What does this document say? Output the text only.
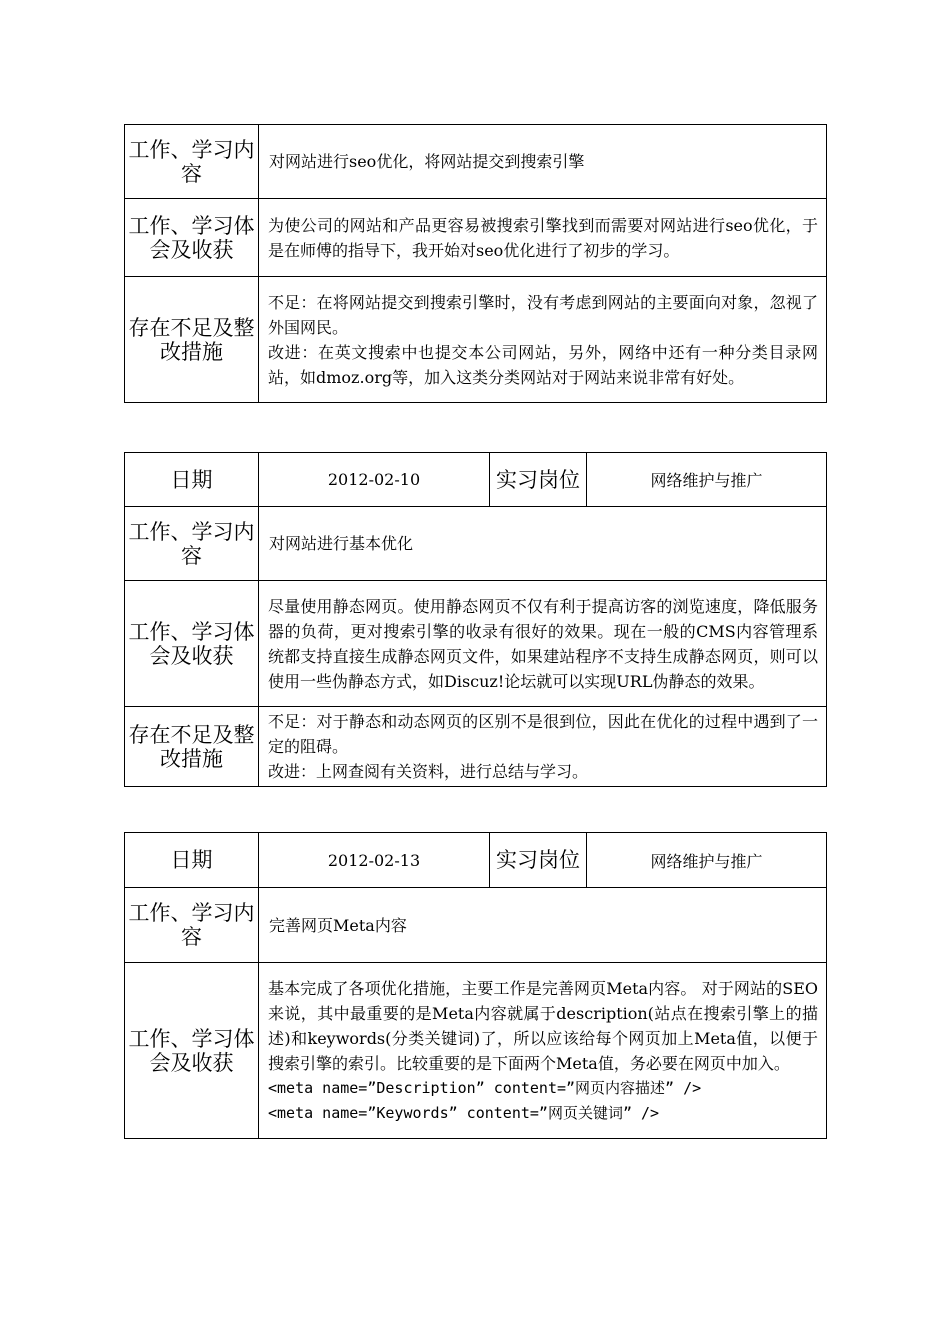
工作、学习内容	对网站进行seo优化，将网站提交到搜索引擎
工作、学习体会及收获	为使公司的网站和产品更容易被搜索引擎找到而需要对网站进行seo优化，于是在师傅的指导下，我开始对seo优化进行了初步的学习。
存在不足及整改措施	不足：在将网站提交到搜索引擎时，没有考虑到网站的主要面向对象，忽视了外国网民。
改进：在英文搜索中也提交本公司网站，另外，网络中还有一种分类目录网站，如dmoz.org等，加入这类分类网站对于网站来说非常有好处。
日期	2012-02-10	实习岗位	网络维护与推广
工作、学习内容	对网站进行基本优化		
工作、学习体会及收获	尽量使用静态网页。使用静态网页不仅有利于提高访客的浏览速度，降低服务器的负荷，更对搜索引擎的收录有很好的效果。现在一般的CMS内容管理系统都支持直接生成静态网页文件，如果建站程序不支持生成静态网页，则可以使用一些伪静态方式，如Discuz!论坛就可以实现URL伪静态的效果。		
存在不足及整改措施	不足：对于静态和动态网页的区别不是很到位，因此在优化的过程中遇到了一定的阻碍。
改进：上网查阅有关资料，进行总结与学习。		
日期	2012-02-13	实习岗位	网络维护与推广
工作、学习内容	完善网页Meta内容		
工作、学习体会及收获	基本完成了各项优化措施，主要工作是完善网页Meta内容。 对于网站的SEO来说，其中最重要的是Meta内容就属于description(站点在搜索引擎上的描述)和keywords(分类关键词)了，所以应该给每个网页加上Meta值，以便于搜索引擎的索引。比较重要的是下面两个Meta值，务必要在网页中加入。
<meta name=”Description” content=”网页内容描述” />
<meta name=”Keywords” content=”网页关键词” />		
